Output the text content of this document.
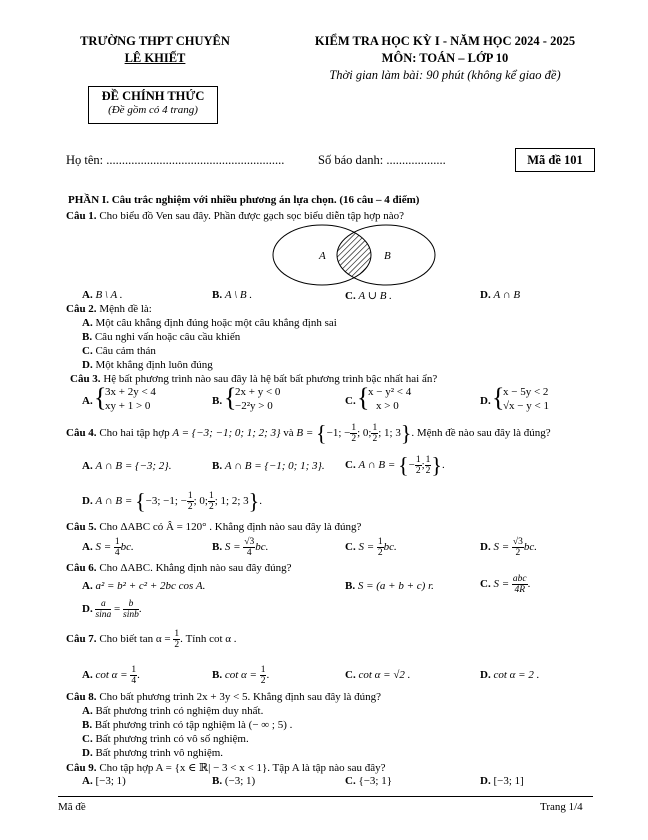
TRƯỜNG THPT CHUYÊN
LÊ KHIẾT
KIỂM TRA HỌC KỲ I - NĂM HỌC 2024 - 2025
MÔN: TOÁN – LỚP 10
Thời gian làm bài: 90 phút (không kể giao đề)
ĐỀ CHÍNH THỨC
(Đề gồm có 4 trang)
Họ tên: .........................................................	Số báo danh: ...................	Mã đề 101
PHẦN I. Câu trắc nghiệm với nhiều phương án lựa chọn. (16 câu – 4 điểm)
Câu 1. Cho biểu đồ Ven sau đây. Phần được gạch sọc biểu diễn tập hợp nào?
A	B
A. B \ A .	B. A \ B .	C. A ∪ B .	D. A ∩ B
Câu 2. Mệnh đề là:
A. Một câu khẳng định đúng hoặc một câu khẳng định sai
B. Câu nghi vấn hoặc câu cầu khiến
C. Câu cảm thán
D. Một khẳng định luôn đúng
Câu 3. Hệ bất phương trình nào sau đây là hệ bất bất phương trình bậc nhất hai ẩn?
A. {
3x + 2y < 4
xy + 1 > 0	B. {
2x + y < 0
−2²y > 0	C. {
x − y² < 4
x > 0	D. {
x − 5y < 2
√x − y < 1
Câu 4. Cho hai tập hợp A = {−3; −1; 0; 1; 2; 3} và B = {−1; − $\frac{1}{2}$ ; 0; $\frac{1}{2}$ ; 1; 3}. Mệnh đề nào sau đây là đúng?
A. A ∩ B = {−3; 2}.	B. A ∩ B = {−1; 0; 1; 3}. C. A ∩ B = {− $\frac{1}{2}$ ; $\frac{1}{2}$ }.
D. A ∩ B = {−3; −1; − $\frac{1}{2}$ ; 0; $\frac{1}{2}$ ; 1; 2; 3}.
Câu 5. Cho ΔABC có Â = 120° . Khẳng định nào sau đây là đúng?
A. $S = \frac{1}{4}$ bc.	B. $S = \frac{√3}{4}$ bc.	C. $S = \frac{1}{2}$ bc.	D. $S = \frac{√3}{2}$ bc.
Câu 6. Cho ΔABC. Khẳng định nào sau đây đúng?
A. a² = b² + c² + 2bc cos A.	B. S = (a + b + c) r.	C. $S = \frac{\text{abc}}{4R}$ .
D. $\frac{a}{\sin a} = \frac{b}{\sin b}$ .
Câu 7. Cho biết $\tan \alpha = \frac{1}{2}$ . Tính cot α .
A. $\cot \alpha = \frac{1}{4}$ .	B. $\cot \alpha = \frac{1}{2}$ .	C. cot α = √2 .	D. cot α = 2 .
Câu 8. Cho bất phương trình 2x + 3y < 5. Khẳng định sau đây là đúng?
A. Bất phương trình có nghiệm duy nhất.
B. Bất phương trình có tập nghiệm là (− ∞ ; 5) .
C. Bất phương trình có vô số nghiệm.
D. Bất phương trình vô nghiệm.
Câu 9. Cho tập hợp A = {x ∈ ℝ| − 3 < x < 1}. Tập A là tập nào sau đây?
A. [−3; 1)	B. (−3; 1)	C. {−3; 1}	D. [−3; 1]
Mã đề	Trang 1/4
